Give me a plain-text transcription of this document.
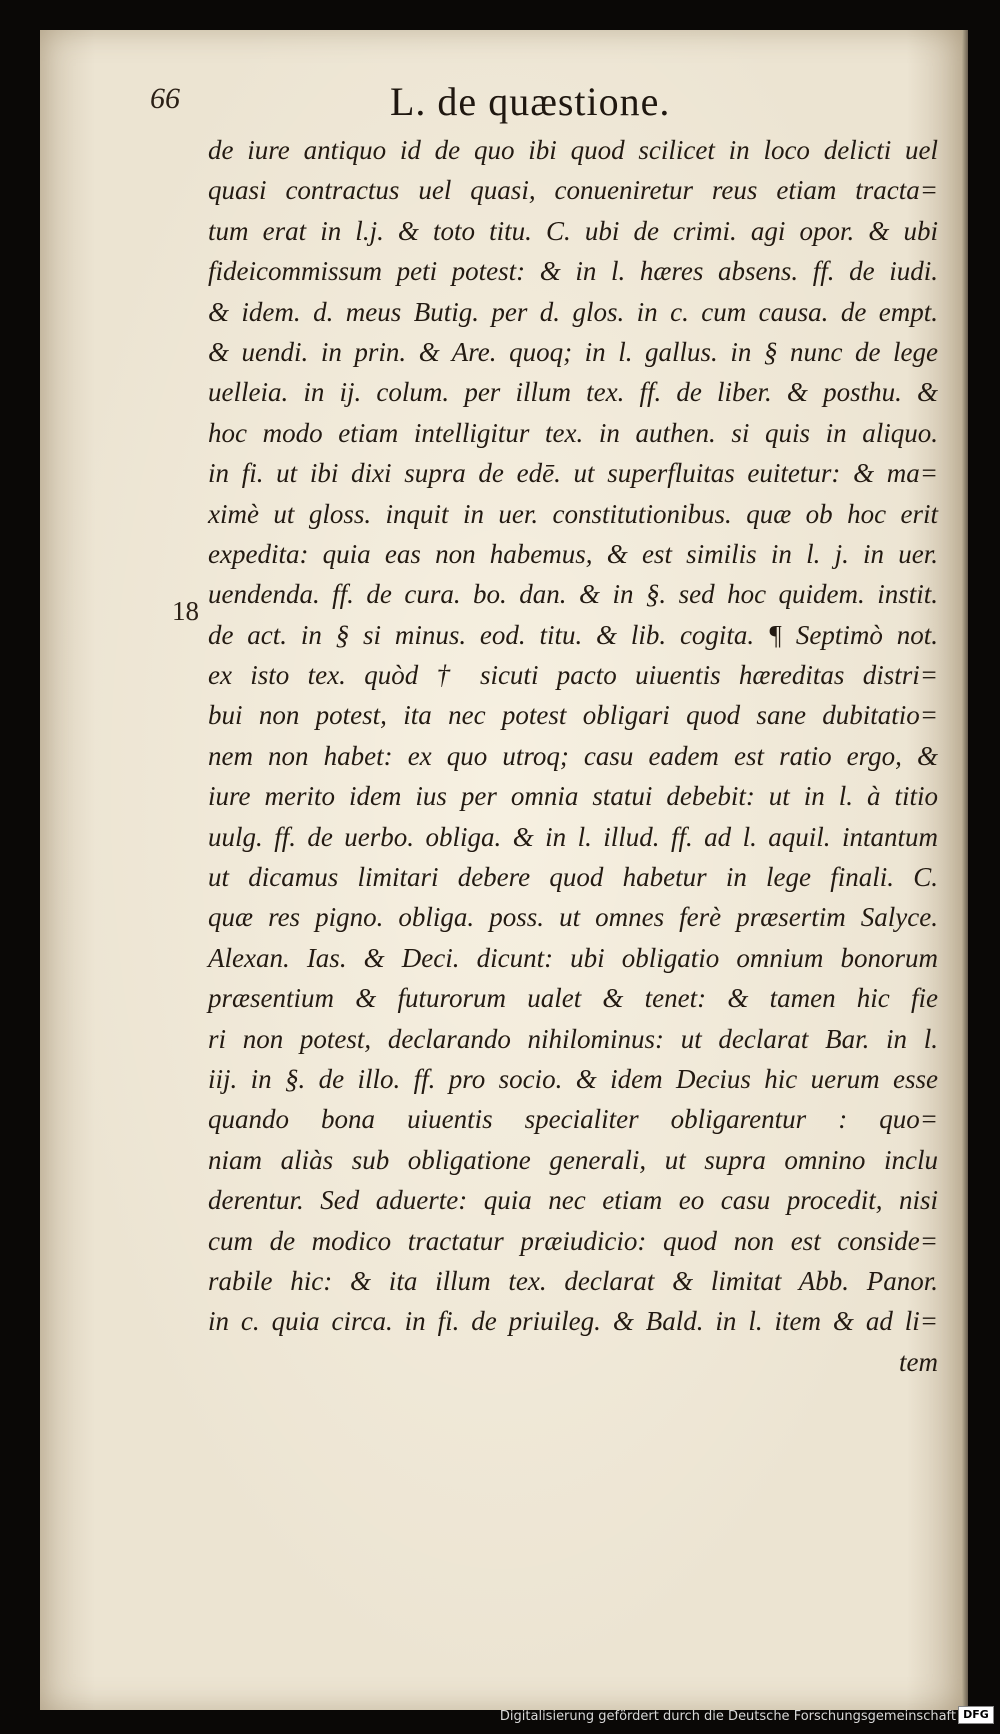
66	L. de quæstione.
18
de iure antiquo id de quo ibi quod scilicet in loco delicti uel
quasi contractus uel quasi, conueniretur reus etiam tracta=
tum erat in l.j. & toto titu. C. ubi de crimi. agi opor. & ubi
fideicommissum peti potest: & in l. hæres absens. ff. de iudi.
& idem. d. meus Butig. per d. glos. in c. cum causa. de empt.
& uendi. in prin. & Are. quoq; in l. gallus. in § nunc de lege
uelleia. in ij. colum. per illum tex. ff. de liber. & posthu. &
hoc modo etiam intelligitur tex. in authen. si quis in aliquo.
in fi. ut ibi dixi supra de edē. ut superfluitas euitetur: & ma=
ximè ut gloss. inquit in uer. constitutionibus. quæ ob hoc erit
expedita: quia eas non habemus, & est similis in l. j. in uer.
uendenda. ff. de cura. bo. dan. & in §. sed hoc quidem. instit.
de act. in § si minus. eod. titu. & lib. cogita. ¶ Septimò not.
ex isto tex. quòd † sicuti pacto uiuentis hæreditas distri=
bui non potest, ita nec potest obligari quod sane dubitatio=
nem non habet: ex quo utroq; casu eadem est ratio ergo, &
iure merito idem ius per omnia statui debebit: ut in l. à titio
uulg. ff. de uerbo. obliga. & in l. illud. ff. ad l. aquil. intantum
ut dicamus limitari debere quod habetur in lege finali. C.
quæ res pigno. obliga. poss. ut omnes ferè præsertim Salyce.
Alexan. Ias. & Deci. dicunt: ubi obligatio omnium bonorum
præsentium & futurorum ualet & tenet: & tamen hic fie
ri non potest, declarando nihilominus: ut declarat Bar. in l.
iij. in §. de illo. ff. pro socio. & idem Decius hic uerum esse
quando bona uiuentis specialiter obligarentur : quo=
niam aliàs sub obligatione generali, ut supra omnino inclu
derentur. Sed aduerte: quia nec etiam eo casu procedit, nisi
cum de modico tractatur præiudicio: quod non est conside=
rabile hic: & ita illum tex. declarat & limitat Abb. Panor.
in c. quia circa. in fi. de priuileg. & Bald. in l. item & ad li=
tem
Digitalisierung gefördert durch die Deutsche Forschungsgemeinschaft DFG
